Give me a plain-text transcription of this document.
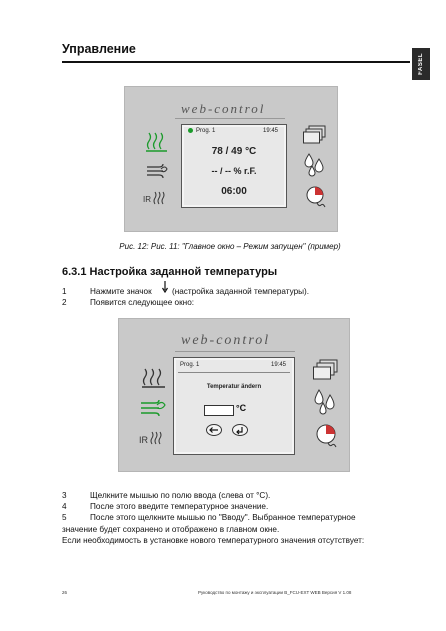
Управление
FASEL
web-control
Prog. 1	19:45
78 / 49 °C
-- / -- % r.F.
06:00
IR
Рис. 12: Рис. 11: "Главное окно – Режим запущен" (пример)
6.3.1 Настройка заданной температуры
1	Нажмите значок (настройка заданной температуры).
2	Появится следующее окно:
web-control
Prog. 1	19:45
Temperatur ändern
°C
IR
3	Щелкните мышью по полю ввода (слева от °C).
4	После этого введите температурное значение.
5	После этого щелкните мышью по "Вводу". Выбранное температурное
значение будет сохранено и отображено в главном окне.
Если необходимость в установке нового температурного значения отсутствует:
26	Руководство по монтажу и эксплуатации B_FCU-EXT WEB Версия V 1.08
